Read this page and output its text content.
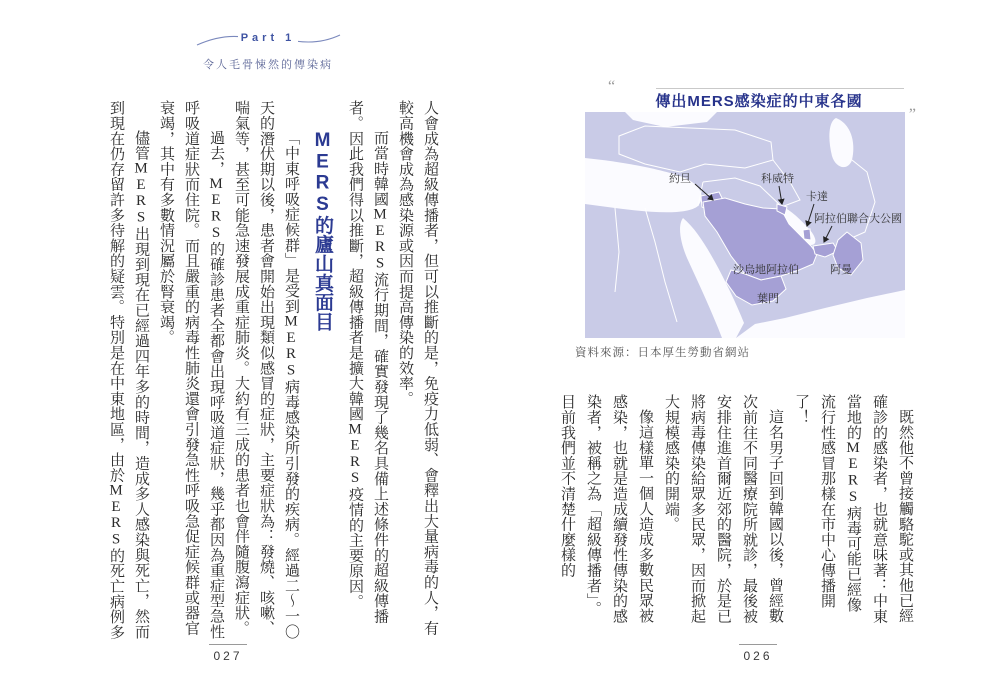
Part 1
令人毛骨悚然的傳染病

人會成為超級傳播者，但可以推斷的是，免疫力低弱、會釋出大量病毒的人，有較高機會成為感染源或因而提高傳染的效率。

而當時韓國MERS流行期間，確實發現了幾名具備上述條件的超級傳播者。因此我們得以推斷，超級傳播者是擴大韓國MERS疫情的主要原因。

MERS的廬山真面目

「中東呼吸症候群」是受到MERS病毒感染所引發的疾病。經過二～一〇天的潛伏期以後，患者會開始出現類似感冒的症狀，主要症狀為：發燒、咳嗽、喘氣等，甚至可能急速發展成重症肺炎。大約有三成的患者也會伴隨腹瀉症狀。

過去，MERS的確診患者全都會出現呼吸道症狀，幾乎都因為重症型急性呼吸道症狀而住院。而且嚴重的病毒性肺炎還會引發急性呼吸急促症候群或器官衰竭，其中有多數情況屬於腎衰竭。

儘管MERS出現到現在已經過四年多的時間，造成多人感染與死亡，然而到現在仍存留許多待解的疑雲。特別是在中東地區，由於MERS的死亡病例多

“
傳出MERS感染症的中東各國
”
約旦	科威特
卡達
阿拉伯聯合大公國
沙烏地阿拉伯	阿曼
葉門
資料來源：日本厚生勞動省網站

既然他不曾接觸駱駝或其他已經確診的感染者，也就意味著：中東當地的MERS病毒可能已經像流行性感冒那樣在市中心傳播開了！

這名男子回到韓國以後，曾經數次前往不同醫療院所就診，最後被安排住進首爾近郊的醫院，於是已將病毒傳染給眾多民眾，因而掀起大規模感染的開端。

像這樣單一個人造成多數民眾被感染，也就是造成續發性傳染的感染者，被稱之為「超級傳播者」。目前我們並不清楚什麼樣的

027	026
